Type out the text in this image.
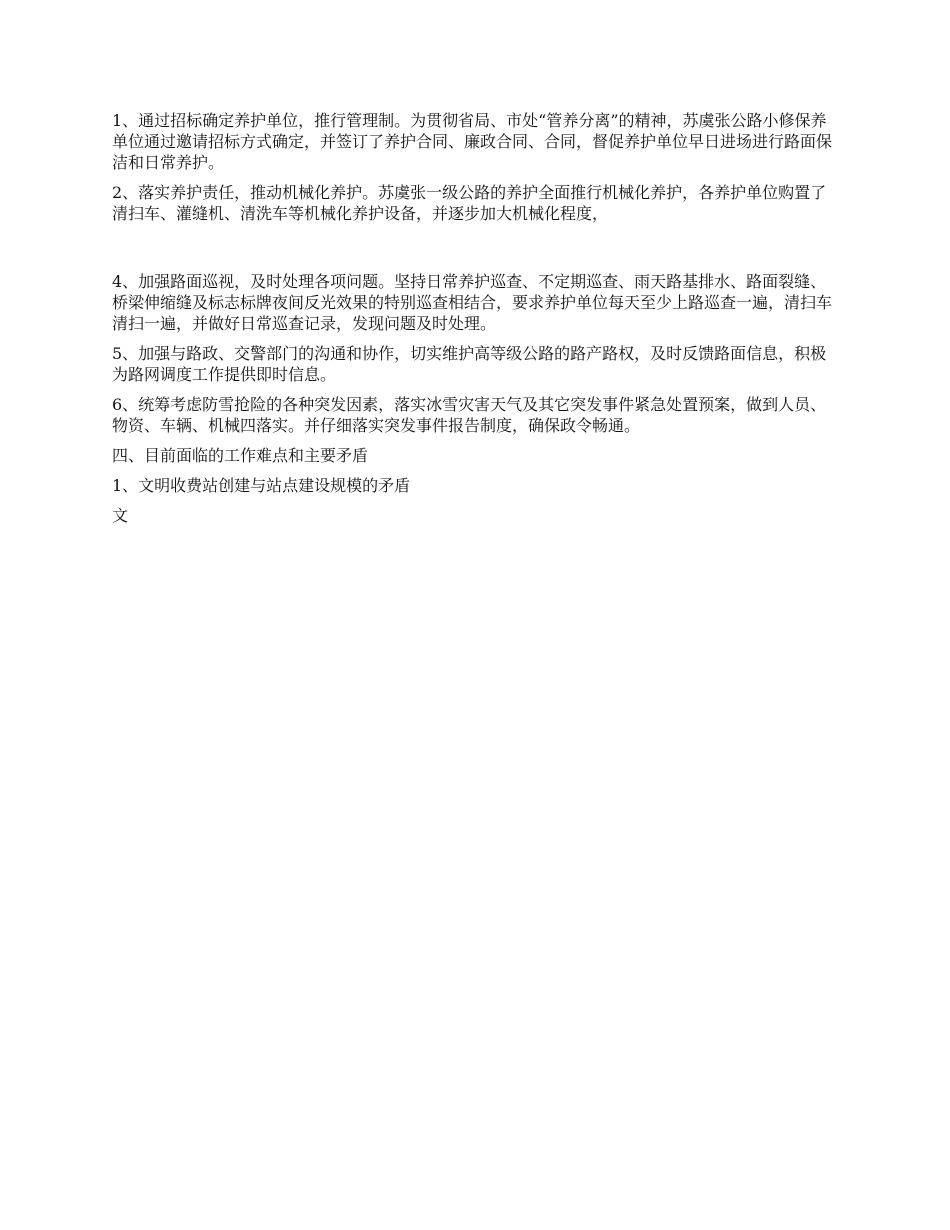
1、通过招标确定养护单位，推行管理制。为贯彻省局、市处“管养分离”的精神，苏虞张公路小修保养单位通过邀请招标方式确定，并签订了养护合同、廉政合同、合同，督促养护单位早日进场进行路面保洁和日常养护。

2、落实养护责任，推动机械化养护。苏虞张一级公路的养护全面推行机械化养护，各养护单位购置了清扫车、灌缝机、清洗车等机械化养护设备，并逐步加大机械化程度，

4、加强路面巡视，及时处理各项问题。坚持日常养护巡查、不定期巡查、雨天路基排水、路面裂缝、桥梁伸缩缝及标志标牌夜间反光效果的特别巡查相结合，要求养护单位每天至少上路巡查一遍，清扫车清扫一遍，并做好日常巡查记录，发现问题及时处理。

5、加强与路政、交警部门的沟通和协作，切实维护高等级公路的路产路权，及时反馈路面信息，积极为路网调度工作提供即时信息。

6、统筹考虑防雪抢险的各种突发因素，落实冰雪灾害天气及其它突发事件紧急处置预案，做到人员、物资、车辆、机械四落实。并仔细落实突发事件报告制度，确保政令畅通。

四、目前面临的工作难点和主要矛盾

1、文明收费站创建与站点建设规模的矛盾

文
